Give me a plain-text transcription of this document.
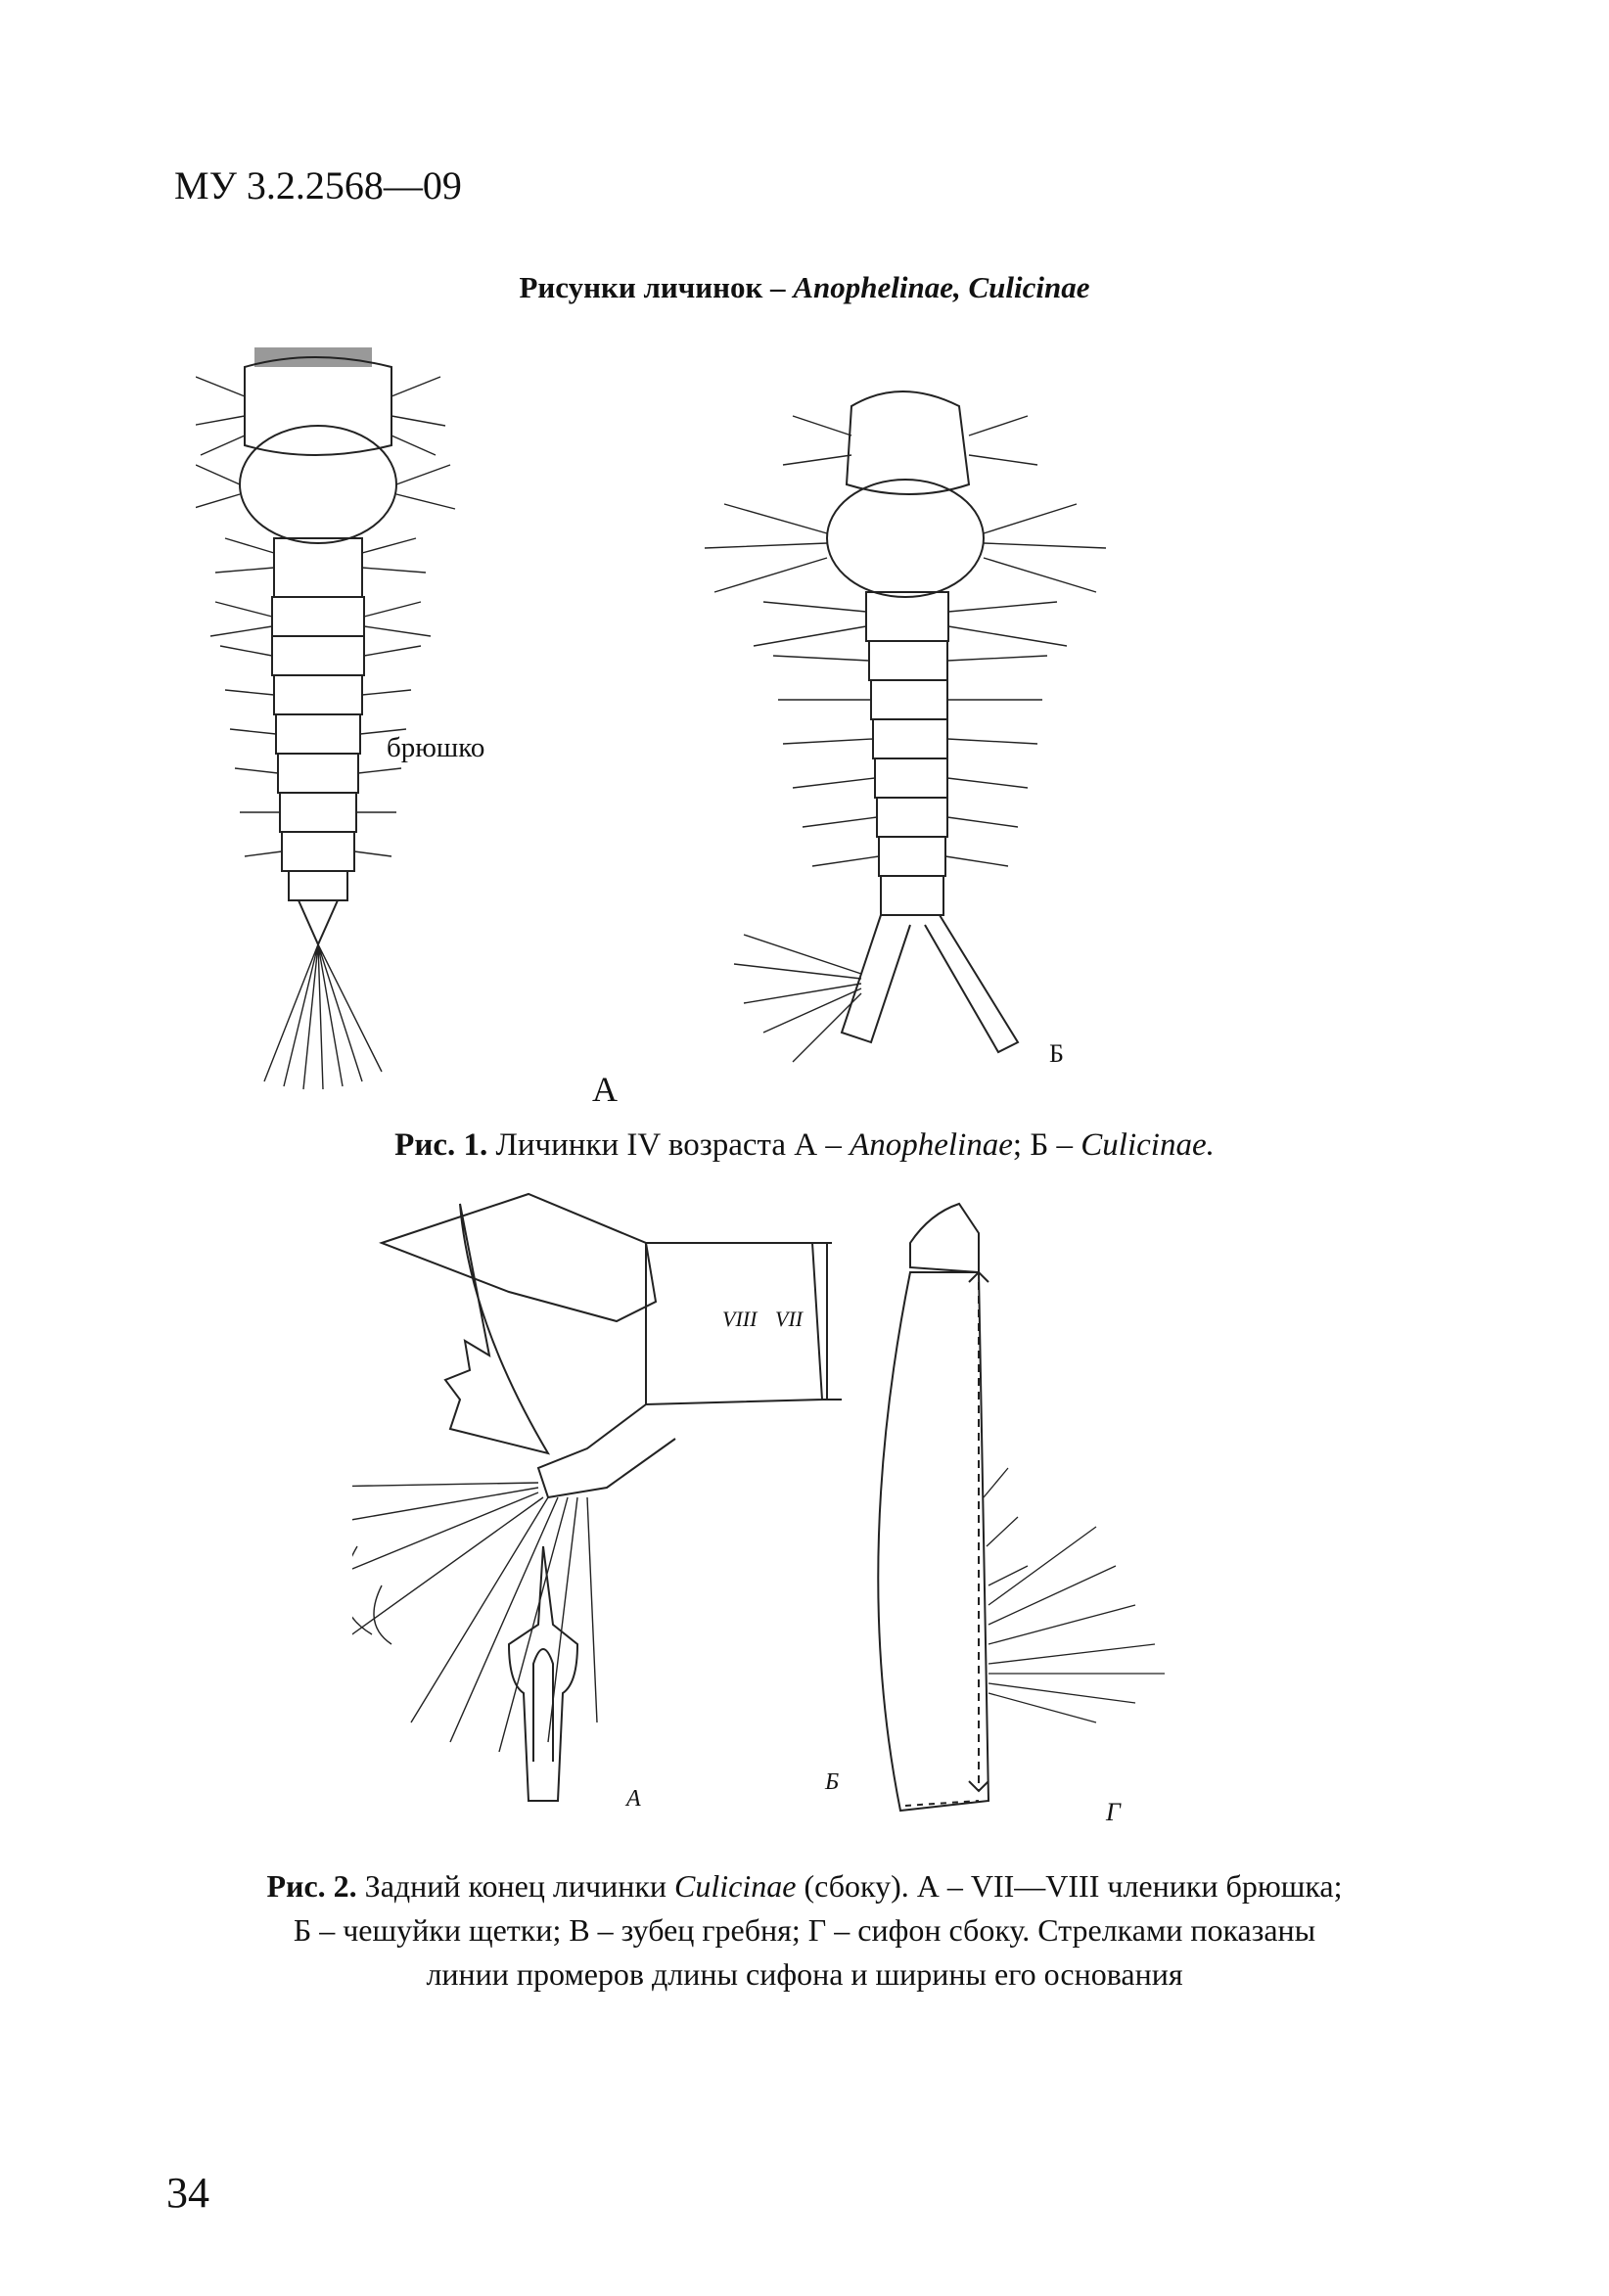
МУ 3.2.2568—09
Рисунки личинок – Anophelinae, Culicinae
брюшко
А
Б
Рис. 1. Личинки IV возраста А – Anophelinae; Б – Culicinae.
VIII VII
А
Б
Г
Рис. 2. Задний конец личинки Culicinae (сбоку). А – VII—VIII членики брюшка;
Б – чешуйки щетки; В – зубец гребня; Г – сифон сбоку. Стрелками показаны
линии промеров длины сифона и ширины его основания
34
